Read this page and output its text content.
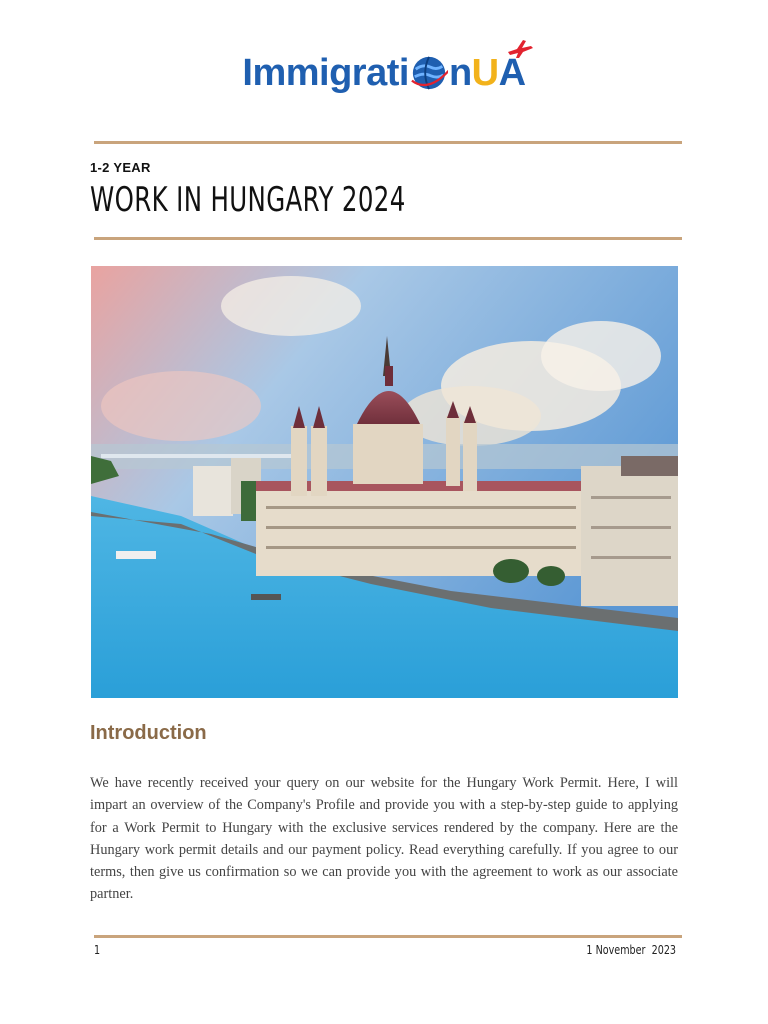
Immigrati n UA
1-2 YEAR
WORK IN HUNGARY 2024
Introduction
We have recently received your query on our website for the Hungary Work Permit. Here, I will impart an overview of the Company's Profile and provide you with a step-by-step guide to applying for a Work Permit to Hungary with the exclusive services rendered by the company. Here are the Hungary work permit details and our payment policy. Read everything carefully. If you agree to our terms, then give us confirmation so we can provide you with the agreement to work as our associate partner.
1	1 November  2023
